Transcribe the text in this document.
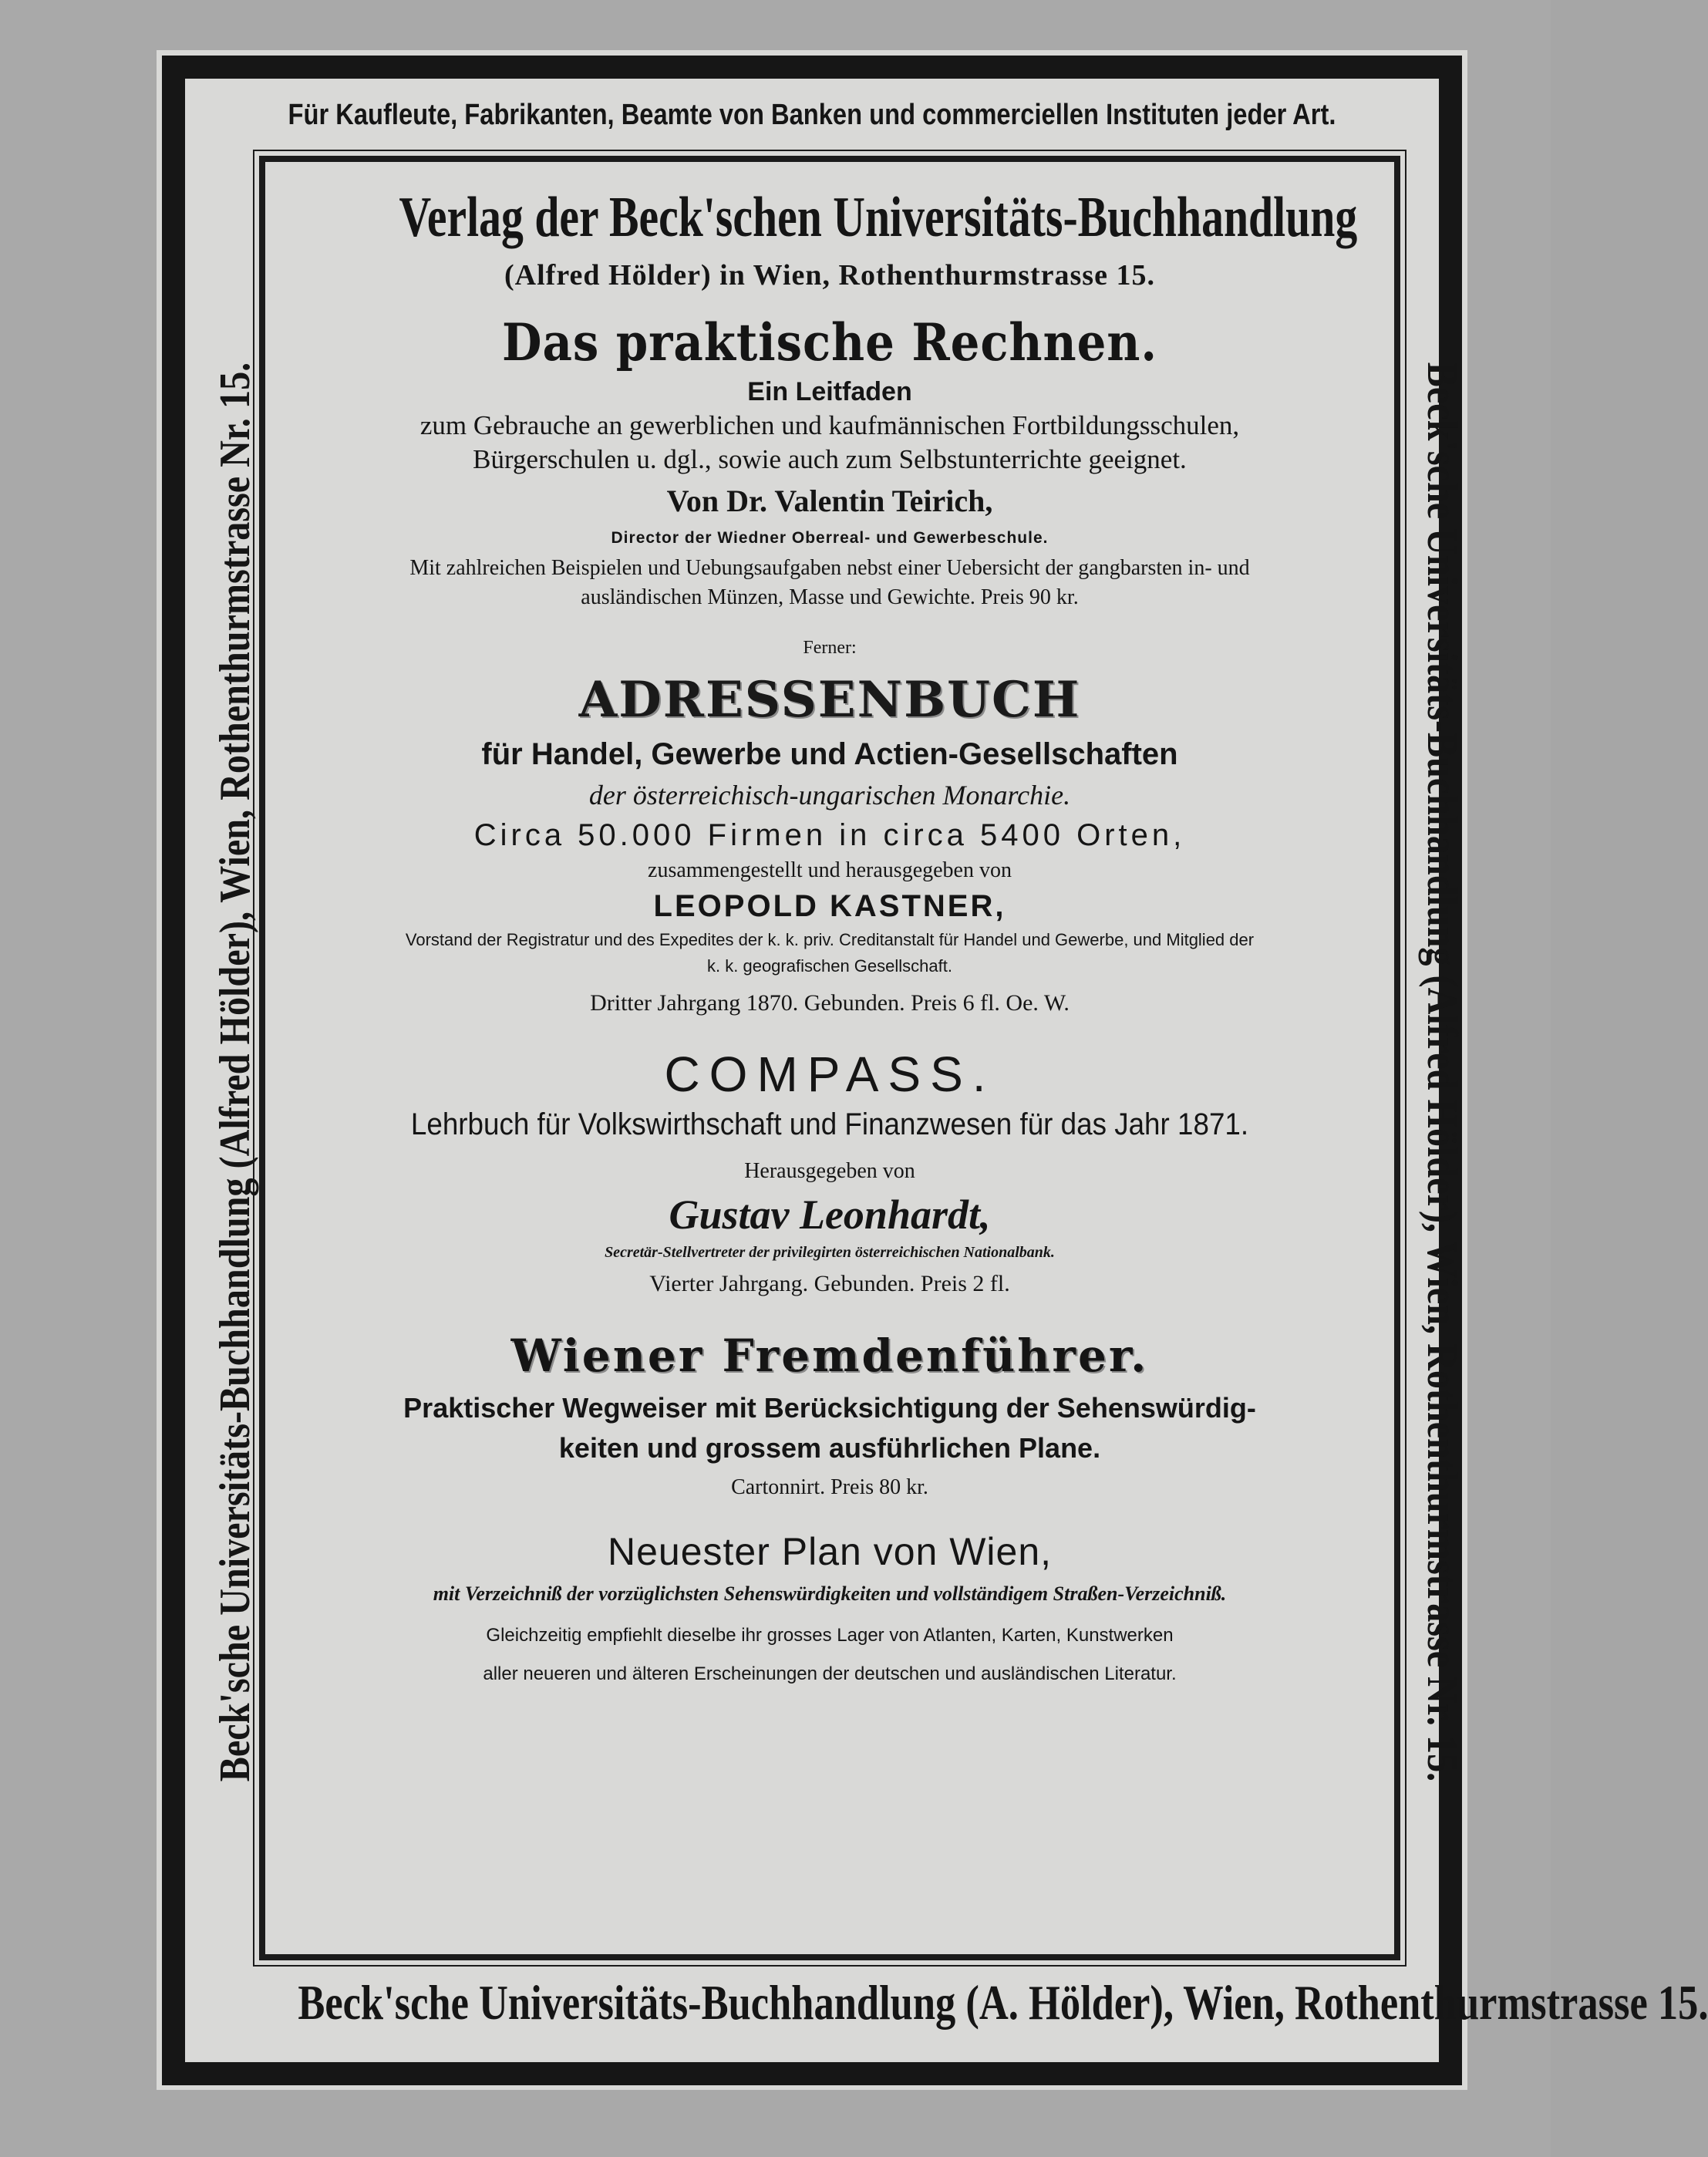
Für Kaufleute, Fabrikanten, Beamte von Banken und commerciellen Instituten jeder Art.
Beck'sche Universitäts-Buchhandlung (A. Hölder), Wien, Rothenthurmstrasse 15.
Beck'sche Universitäts-Buchhandlung (Alfred Hölder), Wien, Rothenthurmstrasse Nr. 15.	Beck'sche Universitäts-Buchhandlung (Alfred Hölder), Wien, Rothenthurmstrasse Nr. 15.
Verlag der Beck'schen Universitäts-Buchhandlung
(Alfred Hölder) in Wien, Rothenthurmstrasse 15.
Das praktische Rechnen.
Ein Leitfaden
zum Gebrauche an gewerblichen und kaufmännischen Fortbildungsschulen,
Bürgerschulen u. dgl., sowie auch zum Selbstunterrichte geeignet.
Von Dr. Valentin Teirich,
Director der Wiedner Oberreal- und Gewerbeschule.
Mit zahlreichen Beispielen und Uebungsaufgaben nebst einer Uebersicht der gangbarsten in- und
ausländischen Münzen, Masse und Gewichte. Preis 90 kr.
Ferner:
ADRESSENBUCH
für Handel, Gewerbe und Actien-Gesellschaften
der österreichisch-ungarischen Monarchie.
Circa 50.000 Firmen in circa 5400 Orten,
zusammengestellt und herausgegeben von
LEOPOLD KASTNER,
Vorstand der Registratur und des Expedites der k. k. priv. Creditanstalt für Handel und Gewerbe, und Mitglied der
k. k. geografischen Gesellschaft.
Dritter Jahrgang 1870. Gebunden. Preis 6 fl. Oe. W.
COMPASS.
Lehrbuch für Volkswirthschaft und Finanzwesen für das Jahr 1871.
Herausgegeben von
Gustav Leonhardt,
Secretär-Stellvertreter der privilegirten österreichischen Nationalbank.
Vierter Jahrgang. Gebunden. Preis 2 fl.
Wiener Fremdenführer.
Praktischer Wegweiser mit Berücksichtigung der Sehenswürdig-
keiten und grossem ausführlichen Plane.
Cartonnirt. Preis 80 kr.
Neuester Plan von Wien,
mit Verzeichniß der vorzüglichsten Sehenswürdigkeiten und vollständigem Straßen-Verzeichniß.
Gleichzeitig empfiehlt dieselbe ihr grosses Lager von Atlanten, Karten, Kunstwerken
aller neueren und älteren Erscheinungen der deutschen und ausländischen Literatur.
